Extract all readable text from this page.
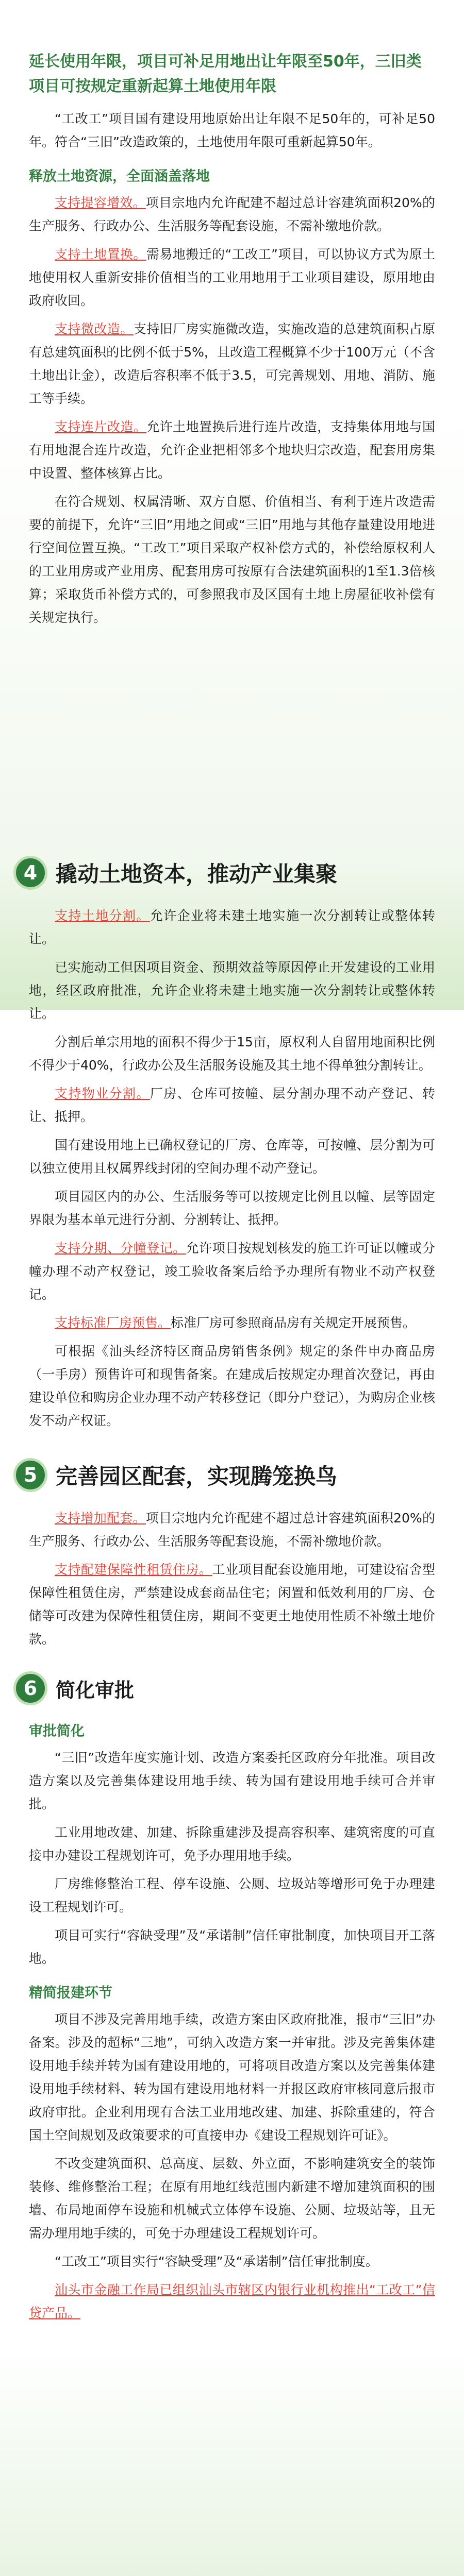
延长使用年限，项目可补足用地出让年限至50年，三旧类项目可按规定重新起算土地使用年限

“工改工”项目国有建设用地原始出让年限不足50年的，可补足50年。符合“三旧”改造政策的，土地使用年限可重新起算50年。

释放土地资源，全面涵盖落地

支持提容增效。项目宗地内允许配建不超过总计容建筑面积20%的生产服务、行政办公、生活服务等配套设施，不需补缴地价款。

支持土地置换。需易地搬迁的“工改工”项目，可以协议方式为原土地使用权人重新安排价值相当的工业用地用于工业项目建设，原用地由政府收回。

支持微改造。支持旧厂房实施微改造，实施改造的总建筑面积占原有总建筑面积的比例不低于5%，且改造工程概算不少于100万元（不含土地出让金），改造后容积率不低于3.5，可完善规划、用地、消防、施工等手续。

支持连片改造。允许土地置换后进行连片改造，支持集体用地与国有用地混合连片改造，允许企业把相邻多个地块归宗改造，配套用房集中设置、整体核算占比。

在符合规划、权属清晰、双方自愿、价值相当、有利于连片改造需要的前提下，允许“三旧”用地之间或“三旧”用地与其他存量建设用地进行空间位置互换。“工改工”项目采取产权补偿方式的，补偿给原权利人的工业用房或产业用房、配套用房可按原有合法建筑面积的1至1.3倍核算；采取货币补偿方式的，可参照我市及区国有土地上房屋征收补偿有关规定执行。

4 撬动土地资本，推动产业集聚

支持土地分割。允许企业将未建土地实施一次分割转让或整体转让。

已实施动工但因项目资金、预期效益等原因停止开发建设的工业用地，经区政府批准，允许企业将未建土地实施一次分割转让或整体转让。

分割后单宗用地的面积不得少于15亩，原权利人自留用地面积比例不得少于40%，行政办公及生活服务设施及其土地不得单独分割转让。

支持物业分割。厂房、仓库可按幢、层分割办理不动产登记、转让、抵押。

国有建设用地上已确权登记的厂房、仓库等，可按幢、层分割为可以独立使用且权属界线封闭的空间办理不动产登记。

项目园区内的办公、生活服务等可以按规定比例且以幢、层等固定界限为基本单元进行分割、分割转让、抵押。

支持分期、分幢登记。允许项目按规划核发的施工许可证以幢或分幢办理不动产权登记，竣工验收备案后给予办理所有物业不动产权登记。

支持标准厂房预售。标准厂房可参照商品房有关规定开展预售。

可根据《汕头经济特区商品房销售条例》规定的条件申办商品房（一手房）预售许可和现售备案。在建成后按规定办理首次登记，再由建设单位和购房企业办理不动产转移登记（即分户登记），为购房企业核发不动产权证。

5 完善园区配套，实现腾笼换鸟

支持增加配套。项目宗地内允许配建不超过总计容建筑面积20%的生产服务、行政办公、生活服务等配套设施，不需补缴地价款。

支持配建保障性租赁住房。工业项目配套设施用地，可建设宿舍型保障性租赁住房，严禁建设成套商品住宅；闲置和低效利用的厂房、仓储等可改建为保障性租赁住房，期间不变更土地使用性质不补缴土地价款。

6 简化审批
审批简化

“三旧”改造年度实施计划、改造方案委托区政府分年批准。项目改造方案以及完善集体建设用地手续、转为国有建设用地手续可合并审批。

工业用地改建、加建、拆除重建涉及提高容积率、建筑密度的可直接申办建设工程规划许可，免予办理用地手续。

厂房维修整治工程、停车设施、公厕、垃圾站等增形可免于办理建设工程规划许可。

项目可实行“容缺受理”及“承诺制”信任审批制度，加快项目开工落地。

精简报建环节

项目不涉及完善用地手续，改造方案由区政府批准，报市“三旧”办备案。涉及的超标“三地”，可纳入改造方案一并审批。涉及完善集体建设用地手续并转为国有建设用地的，可将项目改造方案以及完善集体建设用地手续材料、转为国有建设用地材料一并报区政府审核同意后报市政府审批。企业利用现有合法工业用地改建、加建、拆除重建的，符合国土空间规划及政策要求的可直接申办《建设工程规划许可证》。

不改变建筑面积、总高度、层数、外立面，不影响建筑安全的装饰装修、维修整治工程；在原有用地红线范围内新建不增加建筑面积的围墙、布局地面停车设施和机械式立体停车设施、公厕、垃圾站等，且无需办理用地手续的，可免于办理建设工程规划许可。

“工改工”项目实行“容缺受理”及“承诺制”信任审批制度。

汕头市金融工作局已组织汕头市辖区内银行业机构推出“工改工”信贷产品。
